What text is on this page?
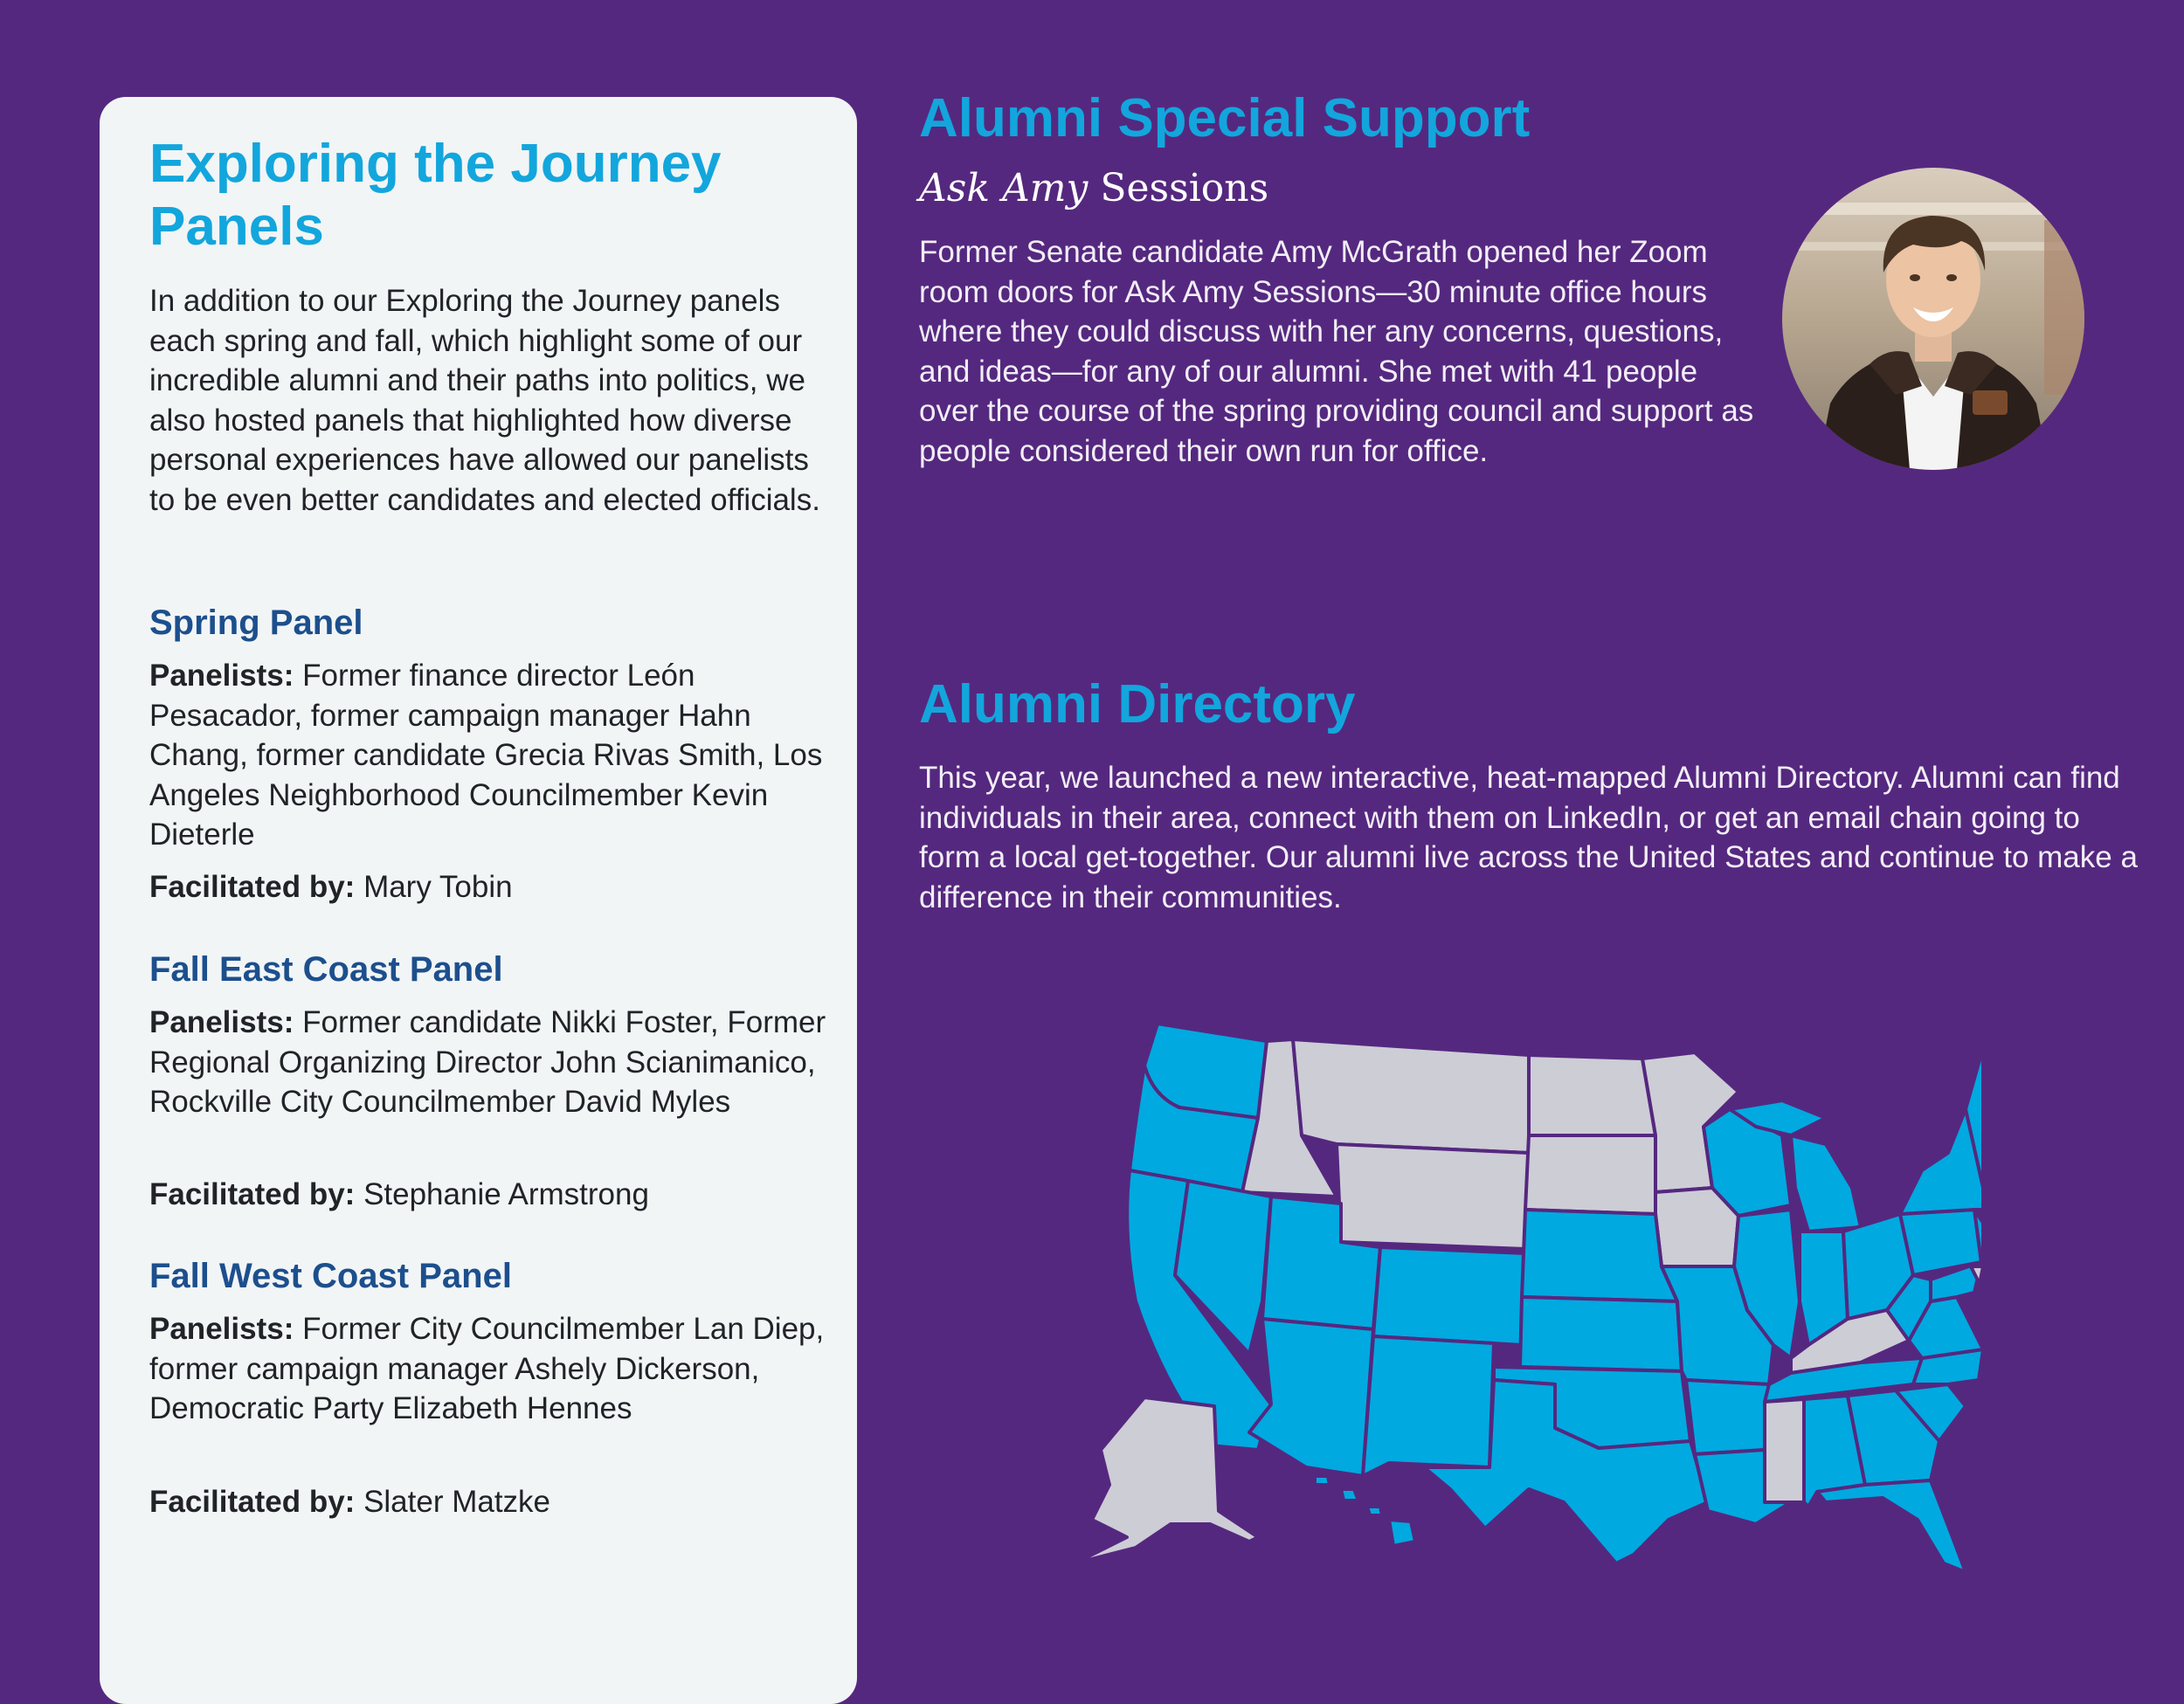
Exploring the Journey Panels

In addition to our Exploring the Journey panels each spring and fall, which highlight some of our incredible alumni and their paths into politics, we also hosted panels that highlighted how diverse personal experiences have allowed our panelists to be even better candidates and elected officials.

Spring Panel

Panelists: Former finance director León Pesacador, former campaign manager Hahn Chang, former candidate Grecia Rivas Smith, Los Angeles Neighborhood Councilmember Kevin Dieterle

Facilitated by: Mary Tobin

Fall East Coast Panel

Panelists: Former candidate Nikki Foster, Former Regional Organizing Director John Scianimanico, Rockville City Councilmember David Myles

Facilitated by: Stephanie Armstrong

Fall West Coast Panel

Panelists: Former City Councilmember Lan Diep, former campaign manager Ashely Dickerson, Democratic Party Elizabeth Hennes

Facilitated by: Slater Matzke

Alumni Special Support

Ask Amy Sessions

Former Senate candidate Amy McGrath opened her Zoom room doors for Ask Amy Sessions—30 minute office hours where they could discuss with her any concerns, questions, and ideas—for any of our alumni. She met with 41 people over the course of the spring providing council and support as people considered their own run for office.

Alumni Directory

This year, we launched a new interactive, heat-mapped Alumni Directory. Alumni can find individuals in their area, connect with them on LinkedIn, or get an email chain going to form a local get-together. Our alumni live across the United States and continue to make a difference in their communities.
